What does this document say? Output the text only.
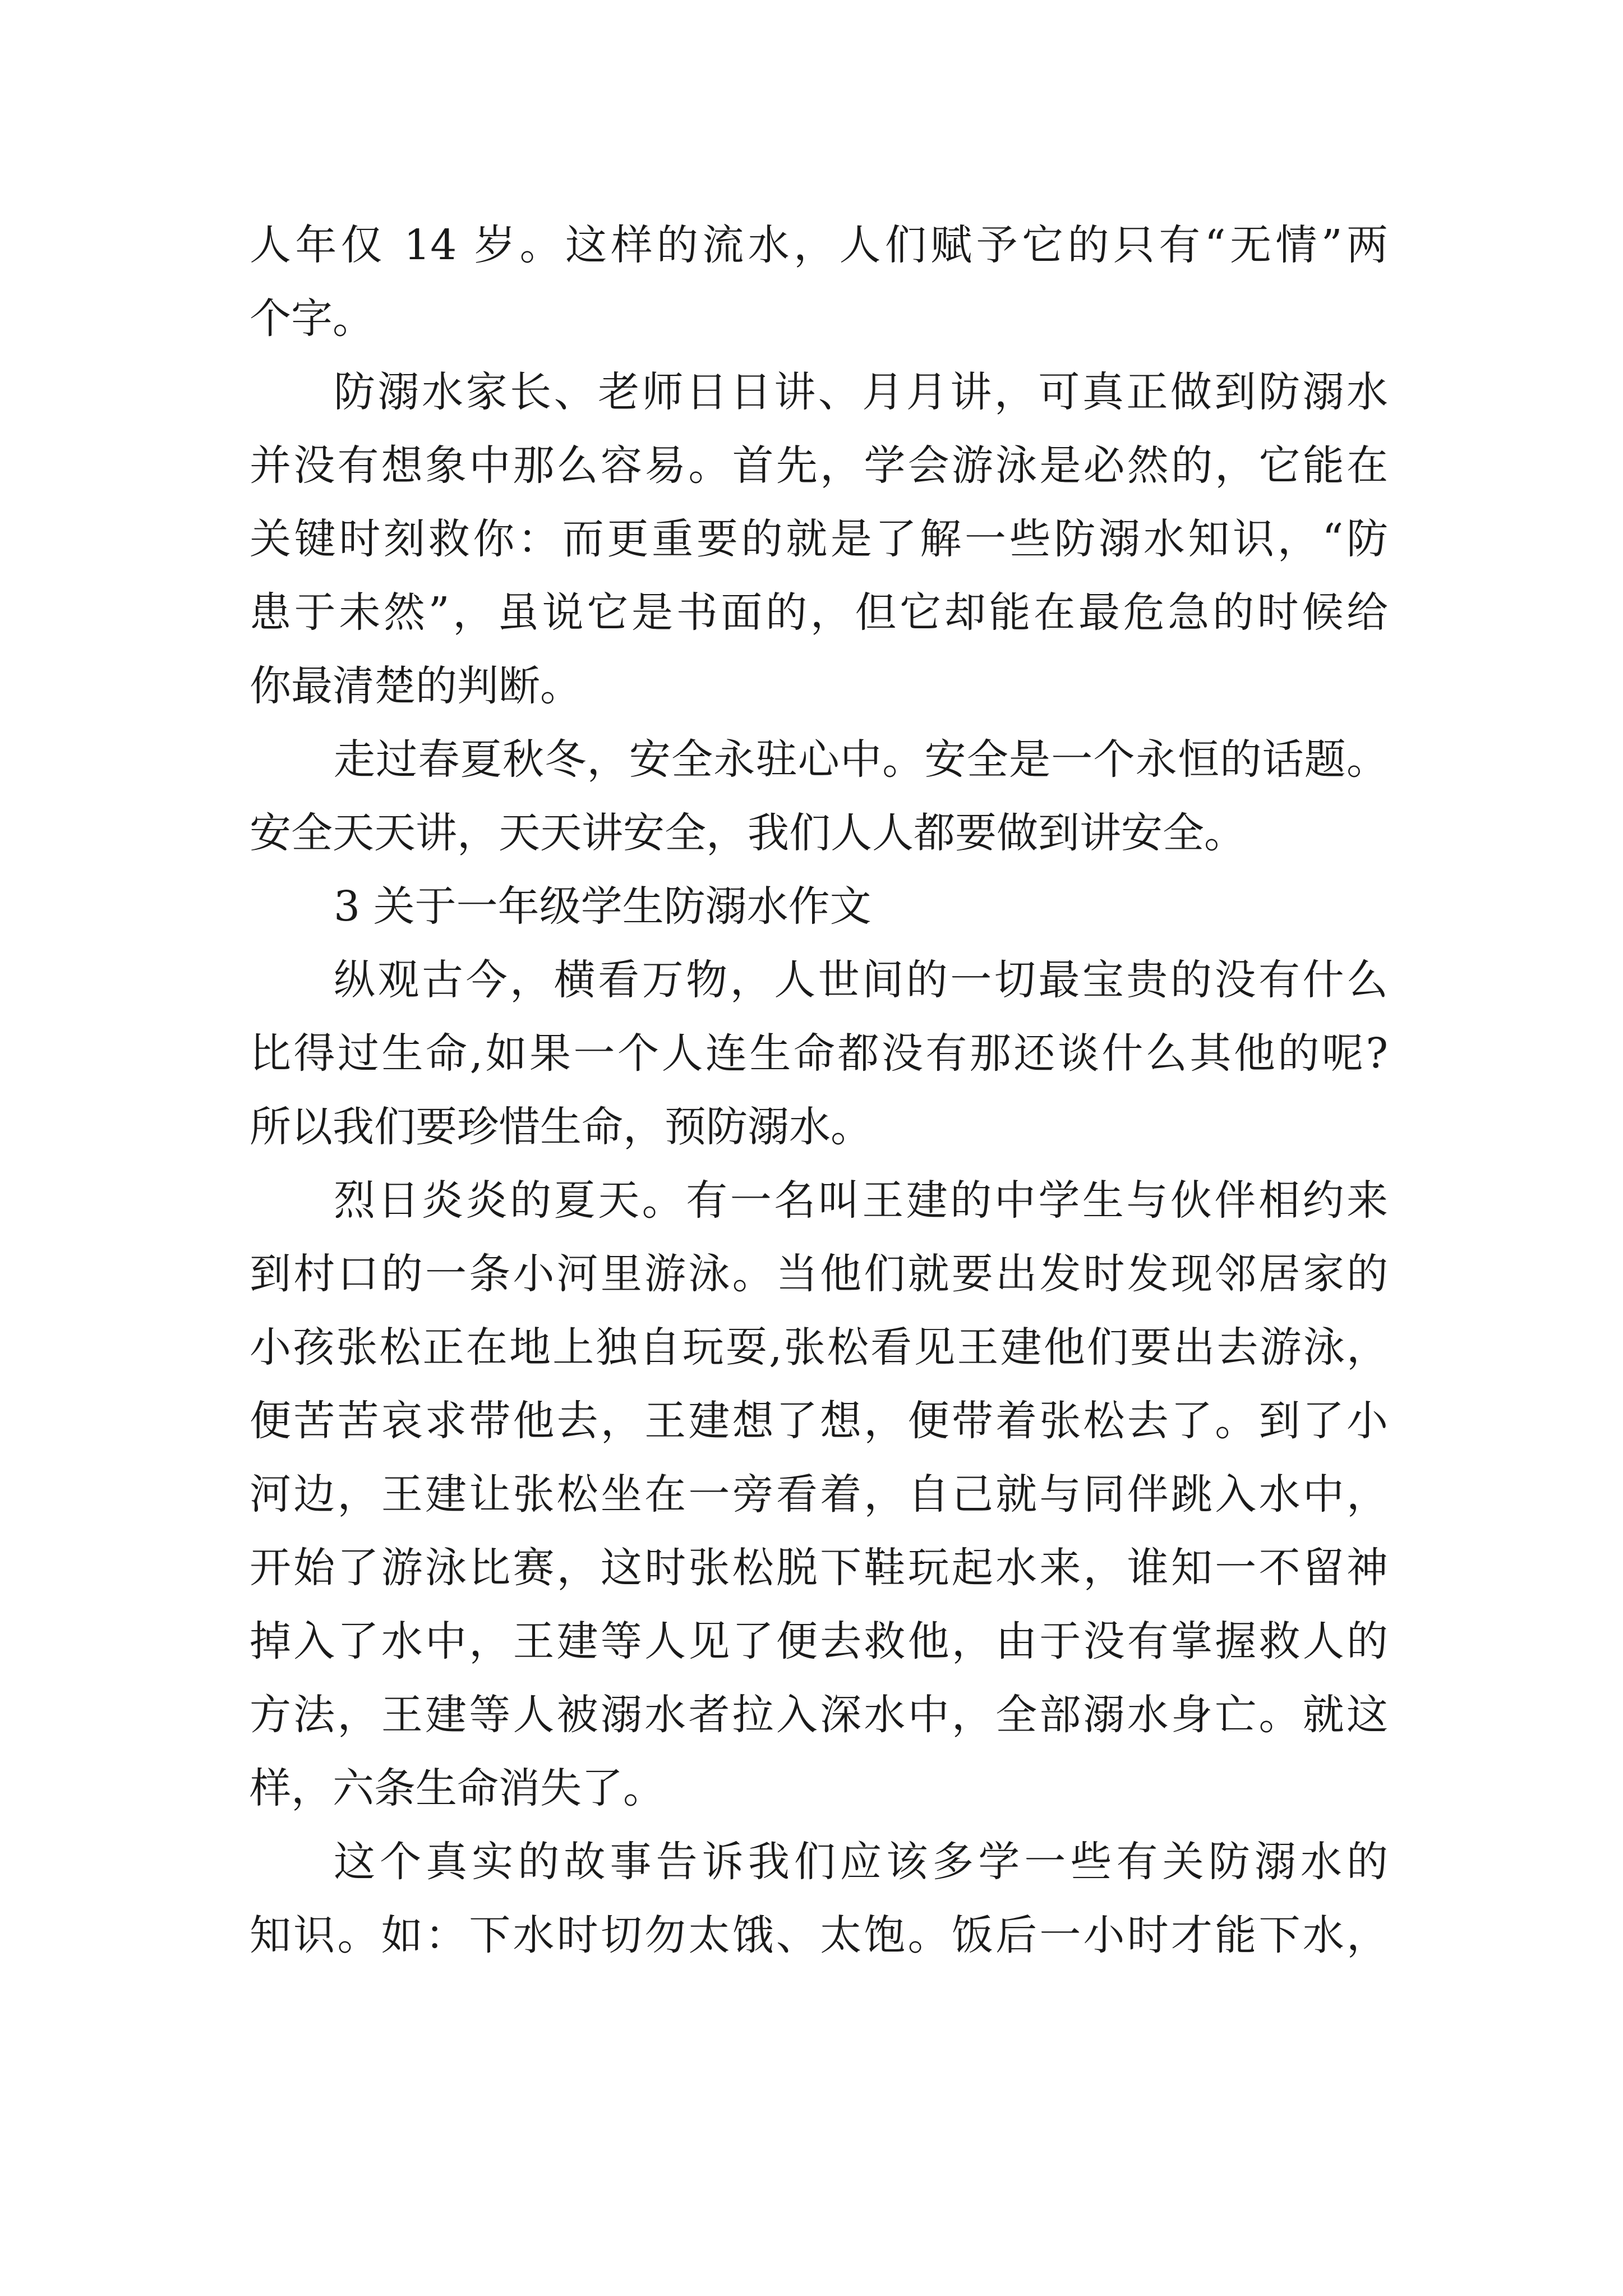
人年仅 14 岁。这样的流水，人们赋予它的只有“无情”两
个字。
防溺水家长、老师日日讲、月月讲，可真正做到防溺水
并没有想象中那么容易。首先，学会游泳是必然的，它能在
关键时刻救你：而更重要的就是了解一些防溺水知识，“防
患于未然”，虽说它是书面的，但它却能在最危急的时候给
你最清楚的判断。
走过春夏秋冬，安全永驻心中。安全是一个永恒的话题。
安全天天讲，天天讲安全，我们人人都要做到讲安全。
3 关于一年级学生防溺水作文
纵观古今，横看万物，人世间的一切最宝贵的没有什么
比得过生命,如果一个人连生命都没有那还谈什么其他的呢?
所以我们要珍惜生命，预防溺水。
烈日炎炎的夏天。有一名叫王建的中学生与伙伴相约来
到村口的一条小河里游泳。当他们就要出发时发现邻居家的
小孩张松正在地上独自玩耍,张松看见王建他们要出去游泳，
便苦苦哀求带他去，王建想了想，便带着张松去了。到了小
河边，王建让张松坐在一旁看着，自己就与同伴跳入水中，
开始了游泳比赛，这时张松脱下鞋玩起水来，谁知一不留神
掉入了水中，王建等人见了便去救他，由于没有掌握救人的
方法，王建等人被溺水者拉入深水中，全部溺水身亡。就这
样，六条生命消失了。
这个真实的故事告诉我们应该多学一些有关防溺水的
知识。如：下水时切勿太饿、太饱。饭后一小时才能下水，
